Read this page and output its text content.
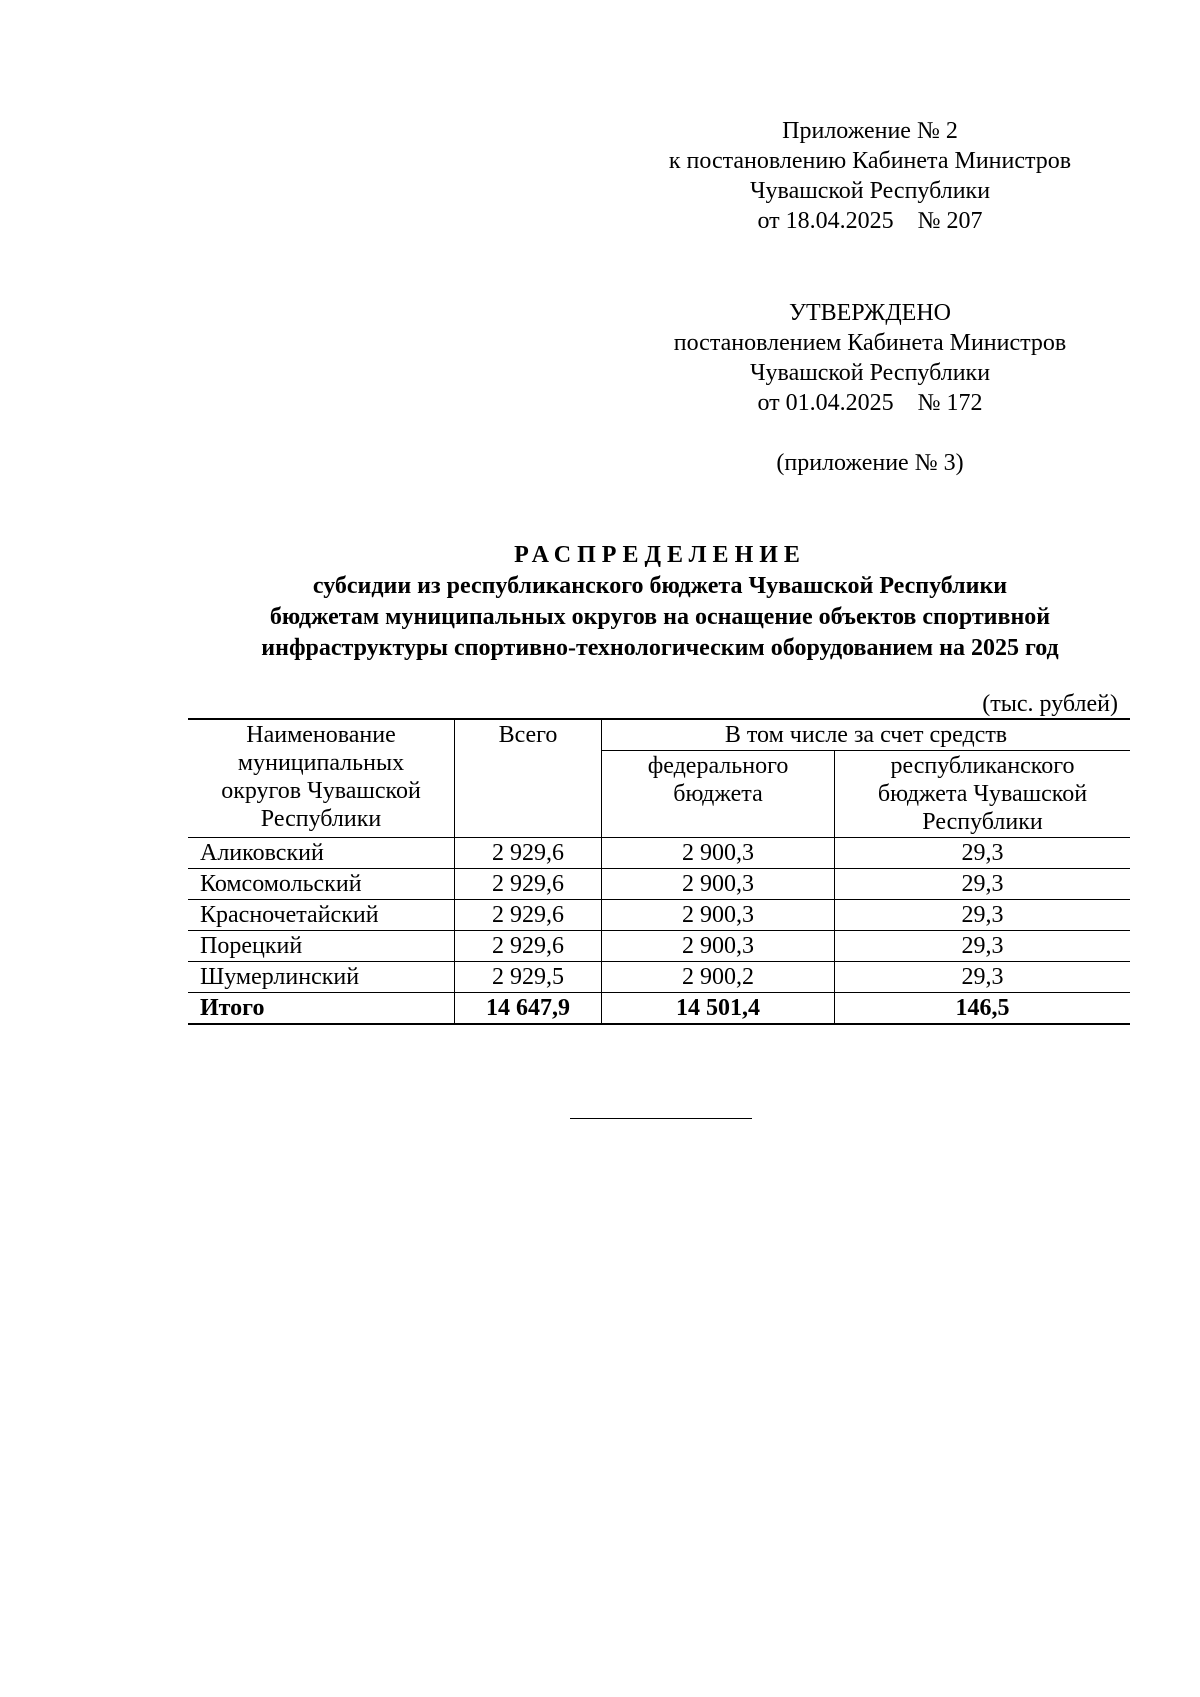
Приложение № 2
к постановлению Кабинета Министров
Чувашской Республики
от 18.04.2025    № 207
УТВЕРЖДЕНО
постановлением Кабинета Министров
Чувашской Республики
от 01.04.2025    № 172
(приложение № 3)
РАСПРЕДЕЛЕНИЕ
субсидии из республиканского бюджета Чувашской Республики
бюджетам муниципальных округов на оснащение объектов спортивной
инфраструктуры спортивно-технологическим оборудованием на 2025 год
(тыс. рублей)
Наименование муниципальных округов Чувашской Республики	Всего	В том числе за счет средств	
		федерального бюджета	республиканского бюджета Чувашской Республики
Аликовский	2 929,6	2 900,3	29,3
Комсомольский	2 929,6	2 900,3	29,3
Красночетайский	2 929,6	2 900,3	29,3
Порецкий	2 929,6	2 900,3	29,3
Шумерлинский	2 929,5	2 900,2	29,3
Итого	14 647,9	14 501,4	146,5
